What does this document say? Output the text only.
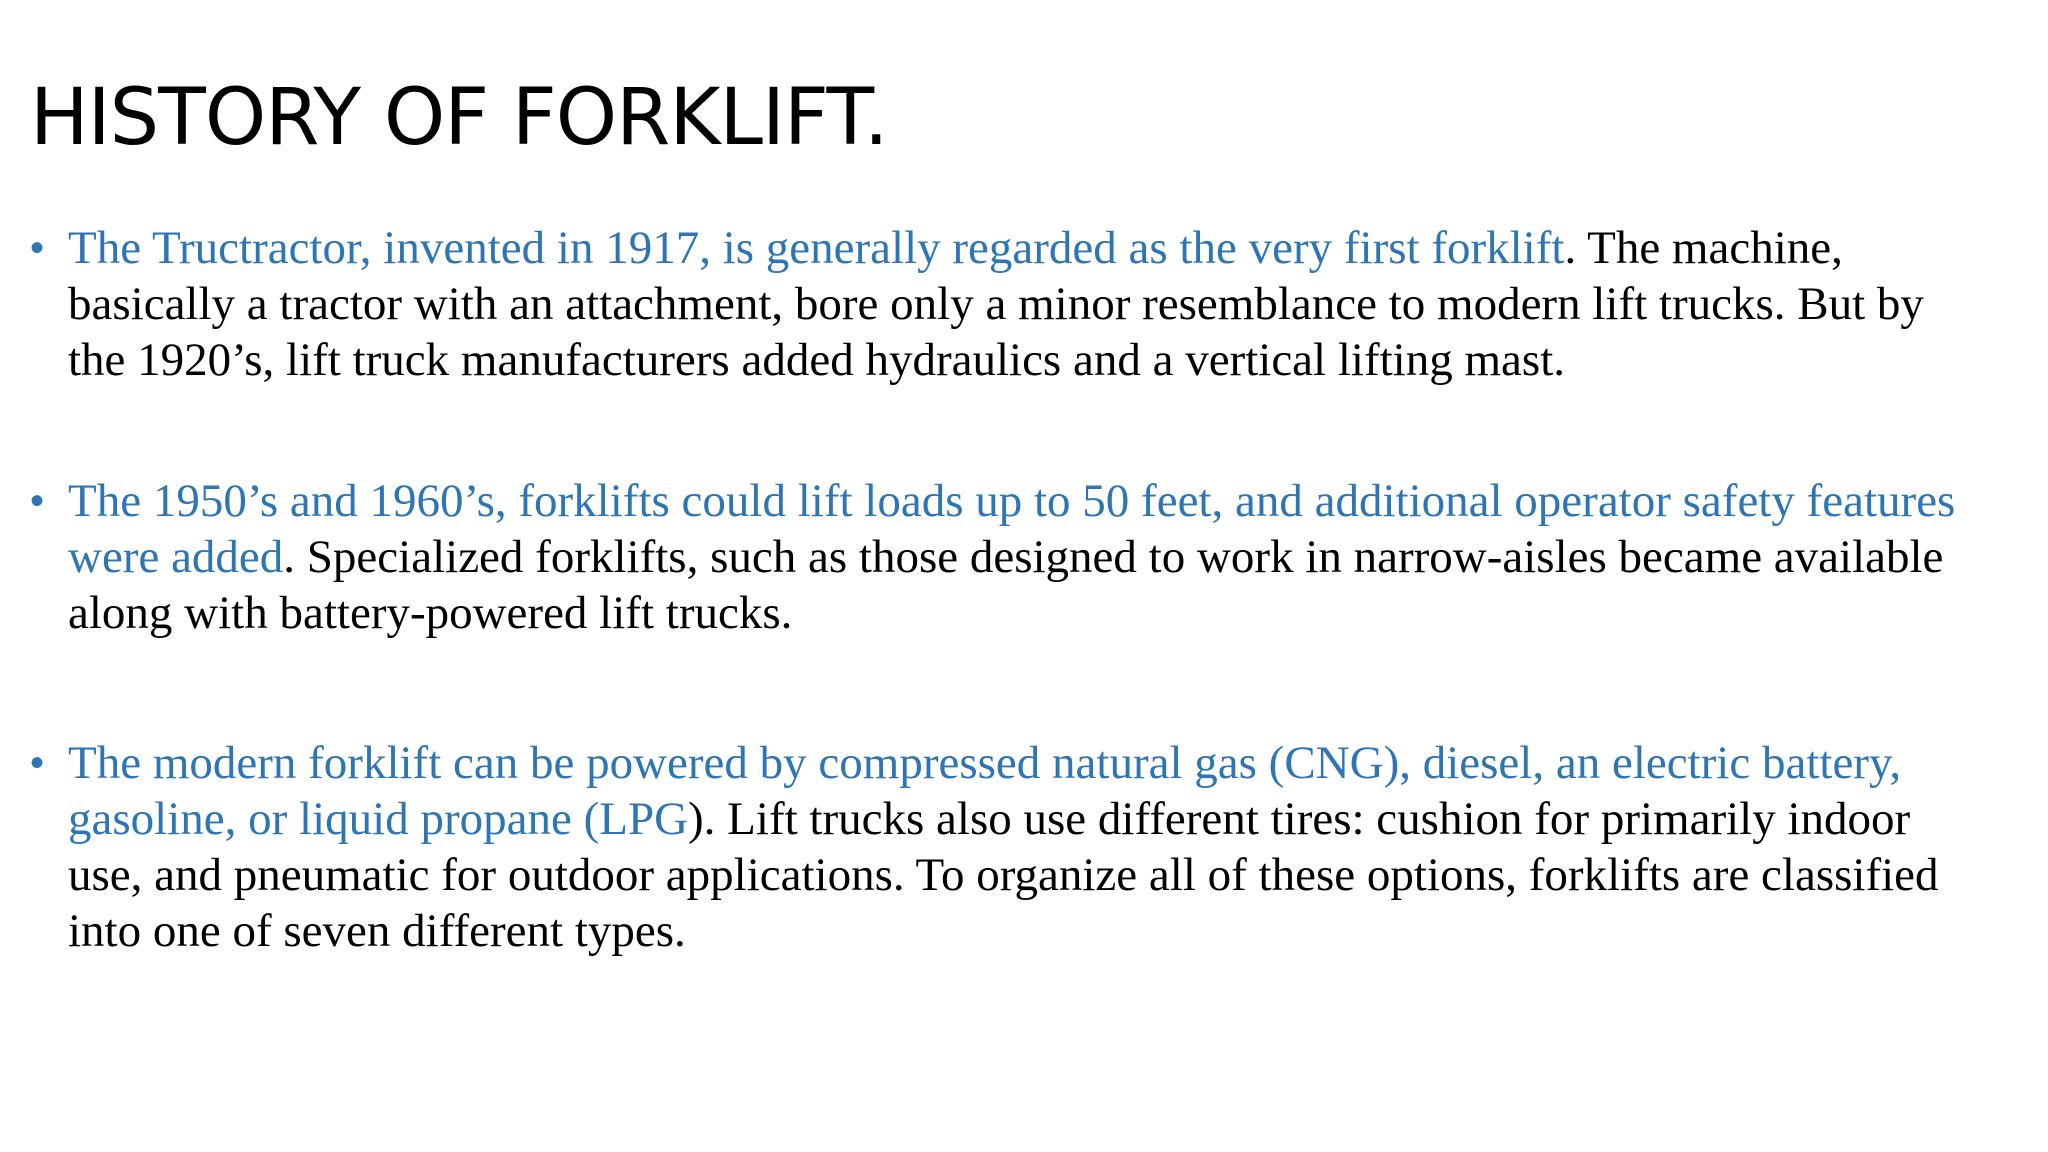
HISTORY OF FORKLIFT.
• The Tructractor, invented in 1917, is generally regarded as the very first forklift. The machine, basically a tractor with an attachment, bore only a minor resemblance to modern lift trucks. But by the 1920’s, lift truck manufacturers added hydraulics and a vertical lifting mast.
• The 1950’s and 1960’s, forklifts could lift loads up to 50 feet, and additional operator safety features were added. Specialized forklifts, such as those designed to work in narrow-aisles became available along with battery-powered lift trucks.
• The modern forklift can be powered by compressed natural gas (CNG), diesel, an electric battery, gasoline, or liquid propane (LPG). Lift trucks also use different tires: cushion for primarily indoor use, and pneumatic for outdoor applications. To organize all of these options, forklifts are classified into one of seven different types.
